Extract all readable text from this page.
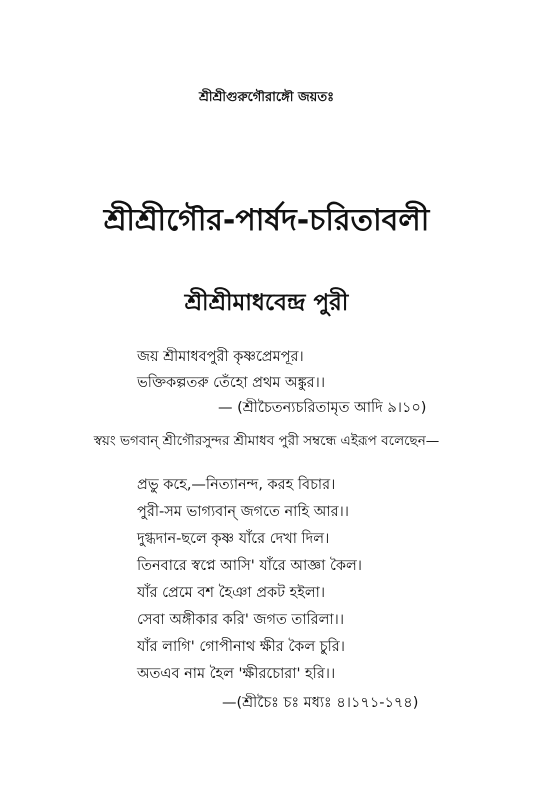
শ্রীশ্রীগুরুগৌরাঙ্গৌ জয়তঃ
শ্রীশ্রীগৌর-পার্ষদ-চরিতাবলী
শ্রীশ্রীমাধবেন্দ্র পুরী
জয় শ্রীমাধবপুরী কৃষ্ণপ্রেমপূর।
ভক্তিকল্পতরু তেঁহো প্রথম অঙ্কুর।।
— (শ্রীচৈতন্যচরিতামৃত আদি ৯।১০)
স্বয়ং ভগবান্ শ্রীগৌরসুন্দর শ্রীমাধব পুরী সম্বন্ধে এইরূপ বলেছেন—
প্রভু কহে,—নিত্যানন্দ, করহ বিচার।
পুরী-সম ভাগ্যবান্ জগতে নাহি আর।।
দুগ্ধদান-ছলে কৃষ্ণ যাঁরে দেখা দিল।
তিনবারে স্বপ্নে আসি' যাঁরে আজ্ঞা কৈল।
যাঁর প্রেমে বশ হৈঞা প্রকট হইলা।
সেবা অঙ্গীকার করি' জগত তারিলা।।
যাঁর লাগি' গোপীনাথ ক্ষীর কৈল চুরি।
অতএব নাম হৈল 'ক্ষীরচোরা' হরি।।
—(শ্রীচৈঃ চঃ মধ্যঃ ৪।১৭১-১৭৪)
